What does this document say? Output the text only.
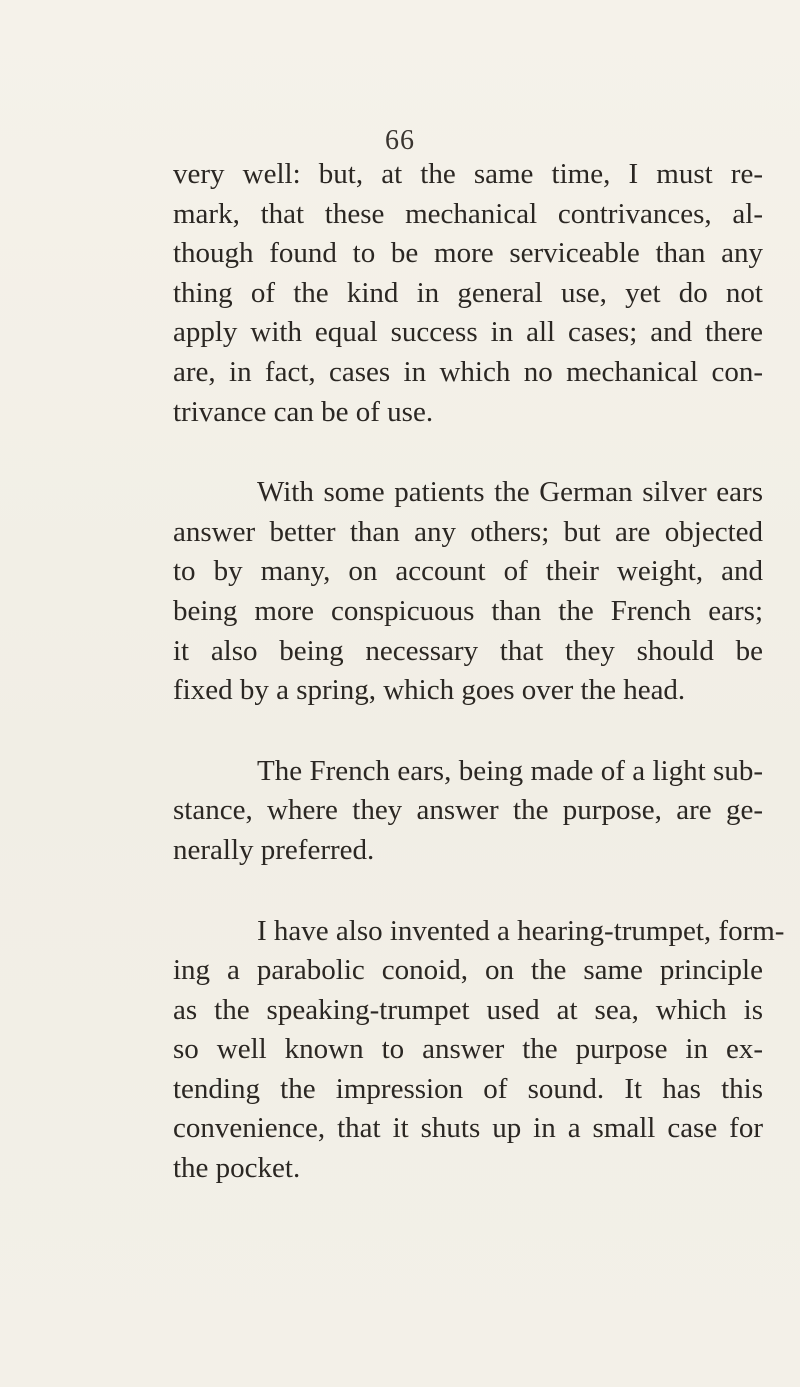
66
very well: but, at the same time, I must re-
mark, that these mechanical contrivances, al-
though found to be more serviceable than any
thing of the kind in general use, yet do not
apply with equal success in all cases; and there
are, in fact, cases in which no mechanical con-
trivance can be of use.
With some patients the German silver ears
answer better than any others; but are objected
to by many, on account of their weight, and
being more conspicuous than the French ears;
it also being necessary that they should be
fixed by a spring, which goes over the head.
The French ears, being made of a light sub-
stance, where they answer the purpose, are ge-
nerally preferred.
I have also invented a hearing-trumpet, form-
ing a parabolic conoid, on the same principle
as the speaking-trumpet used at sea, which is
so well known to answer the purpose in ex-
tending the impression of sound. It has this
convenience, that it shuts up in a small case for
the pocket.
